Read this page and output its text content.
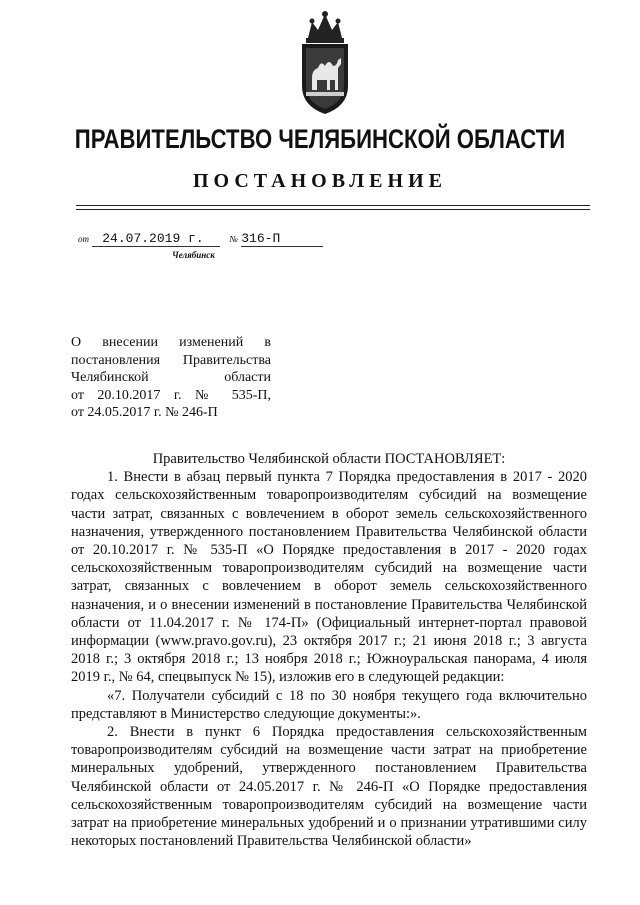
ПРАВИТЕЛЬСТВО ЧЕЛЯБИНСКОЙ ОБЛАСТИ
ПОСТАНОВЛЕНИЕ
от 24.07.2019 г.	№ 316-П
Челябинск
О внесении изменений в
постановления Правительства
Челябинской области
от 20.10.2017 г. № 535-П,
от 24.05.2017 г. № 246-П
Правительство Челябинской области ПОСТАНОВЛЯЕТ:
1. Внести в абзац первый пункта 7 Порядка предоставления в 2017 - 2020 годах сельскохозяйственным товаропроизводителям субсидий на возмещение части затрат, связанных с вовлечением в оборот земель сельскохозяйственного назначения, утвержденного постановлением Правительства Челябинской области от 20.10.2017 г. № 535-П «О Порядке предоставления в 2017 - 2020 годах сельскохозяйственным товаропроизводителям субсидий на возмещение части затрат, связанных с вовлечением в оборот земель сельскохозяйственного назначения, и о внесении изменений в постановление Правительства Челябинской области от 11.04.2017 г. № 174-П» (Официальный интернет-портал правовой информации (www.pravo.gov.ru), 23 октября 2017 г.; 21 июня 2018 г.; 3 августа 2018 г.; 3 октября 2018 г.; 13 ноября 2018 г.; Южноуральская панорама, 4 июля 2019 г., № 64, спецвыпуск № 15), изложив его в следующей редакции:
«7. Получатели субсидий с 18 по 30 ноября текущего года включительно представляют в Министерство следующие документы:».
2. Внести в пункт 6 Порядка предоставления сельскохозяйственным товаропроизводителям субсидий на возмещение части затрат на приобретение минеральных удобрений, утвержденного постановлением Правительства Челябинской области от 24.05.2017 г. № 246-П «О Порядке предоставления сельскохозяйственным товаропроизводителям субсидий на возмещение части затрат на приобретение минеральных удобрений и о признании утратившими силу некоторых постановлений Правительства Челябинской области»
